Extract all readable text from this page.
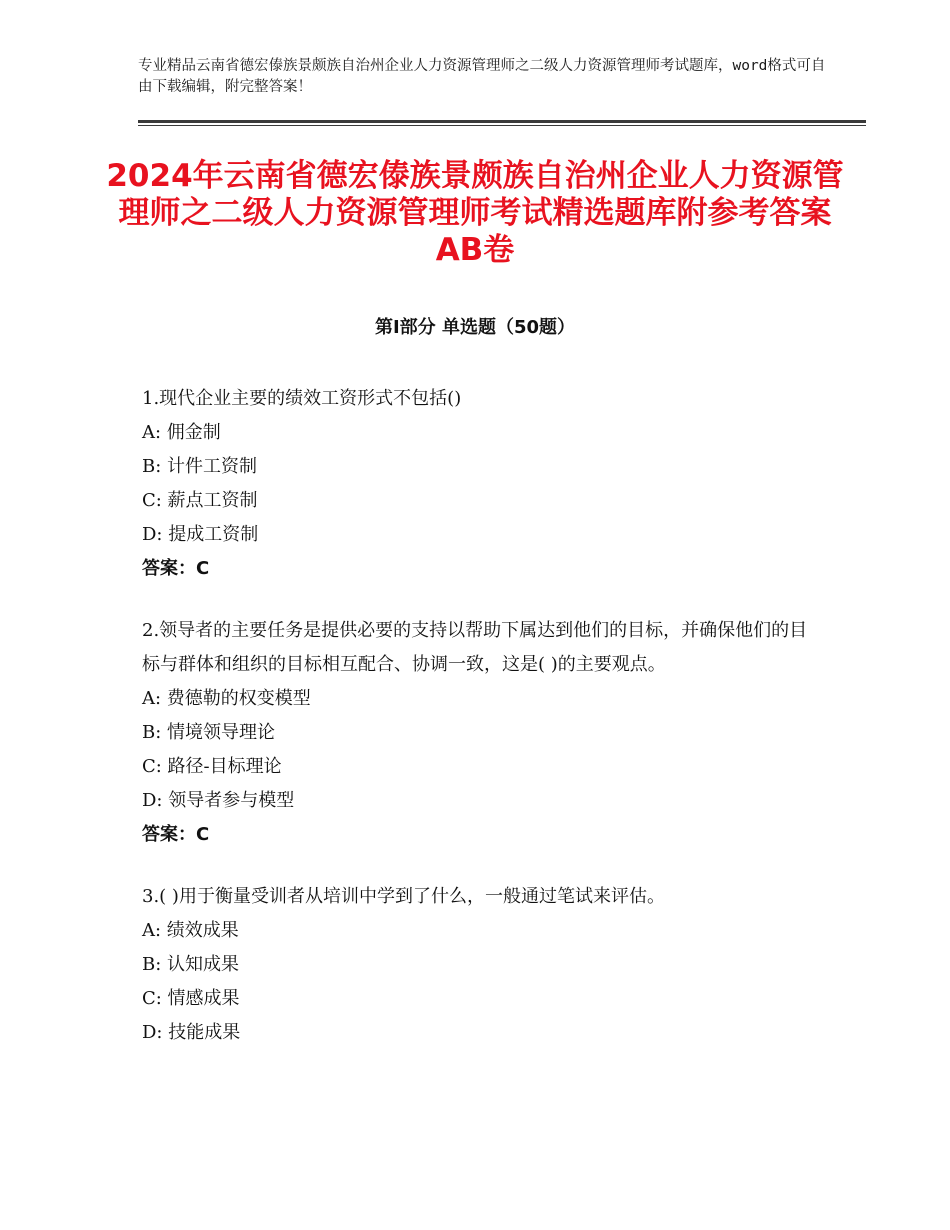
专业精品云南省德宏傣族景颇族自治州企业人力资源管理师之二级人力资源管理师考试题库，word格式可自由下载编辑，附完整答案！
2024年云南省德宏傣族景颇族自治州企业人力资源管理师之二级人力资源管理师考试精选题库附参考答案AB卷
第Ⅰ部分 单选题（50题）
1.现代企业主要的绩效工资形式不包括()
A: 佣金制
B: 计件工资制
C: 薪点工资制
D: 提成工资制
答案：C
2.领导者的主要任务是提供必要的支持以帮助下属达到他们的目标，并确保他们的目标与群体和组织的目标相互配合、协调一致，这是( )的主要观点。
A: 费德勒的权变模型
B: 情境领导理论
C: 路径-目标理论
D: 领导者参与模型
答案：C
3.( )用于衡量受训者从培训中学到了什么，一般通过笔试来评估。
A: 绩效成果
B: 认知成果
C: 情感成果
D: 技能成果
